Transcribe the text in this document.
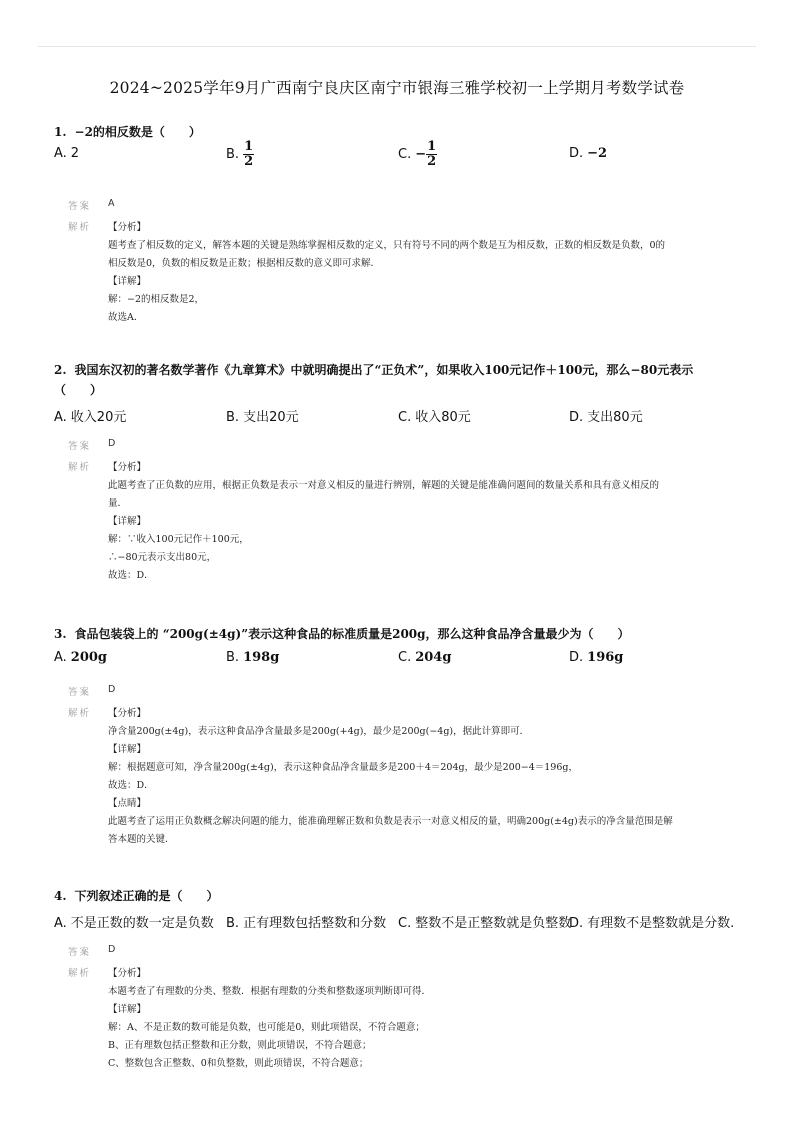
2024~2025学年9月广西南宁良庆区南宁市银海三雅学校初一上学期月考数学试卷
1. −2的相反数是（　　）
A. 2	B. $\frac{1}{2}$	C. − $\frac{1}{2}$	D. −2
答案 A
解析 【分析】
题考查了相反数的定义，解答本题的关键是熟练掌握相反数的定义，只有符号不同的两个数是互为相反数，正数的相反数是负数，0的
相反数是0，负数的相反数是正数；根据相反数的意义即可求解．
【详解】
解：−2的相反数是2，
故选A．
2. 我国东汉初的著名数学著作《九章算术》中就明确提出了“正负术”，如果收入100元记作＋100元，那么−80元表示
（　　）
A. 收入20元	B. 支出20元	C. 收入80元	D. 支出80元
答案 D
解析 【分析】
此题考查了正负数的应用，根据正负数是表示一对意义相反的量进行辨别，解题的关键是能准确问题间的数量关系和具有意义相反的
量．
【详解】
解：∵收入100元记作＋100元，
∴−80元表示支出80元，
故选：D．
3. 食品包装袋上的 “200g(±4g)”表示这种食品的标准质量是200g，那么这种食品净含量最少为（　　）
A. 200g	B. 198g	C. 204g	D. 196g
答案 D
解析 【分析】
净含量200g(±4g)，表示这种食品净含量最多是200g(+4g)，最少是200g(−4g)，据此计算即可．
【详解】
解：根据题意可知，净含量200g(±4g)，表示这种食品净含量最多是200＋4＝204g，最少是200−4＝196g，
故选：D．
【点睛】
此题考查了运用正负数概念解决问题的能力，能准确理解正数和负数是表示一对意义相反的量，明确200g(±4g)表示的净含量范围是解
答本题的关键．
4. 下列叙述正确的是（　　）
A. 不是正数的数一定是负数 B. 正有理数包括整数和分数 C. 整数不是正整数就是负整数
D. 有理数不是整数就是分数.
答案 D
解析 【分析】
本题考查了有理数的分类、整数．根据有理数的分类和整数逐项判断即可得．
【详解】
解：A、不是正数的数可能是负数，也可能是0，则此项错误，不符合题意；
B、正有理数包括正整数和正分数，则此项错误，不符合题意；
C、整数包含正整数、0和负整数，则此项错误，不符合题意；
